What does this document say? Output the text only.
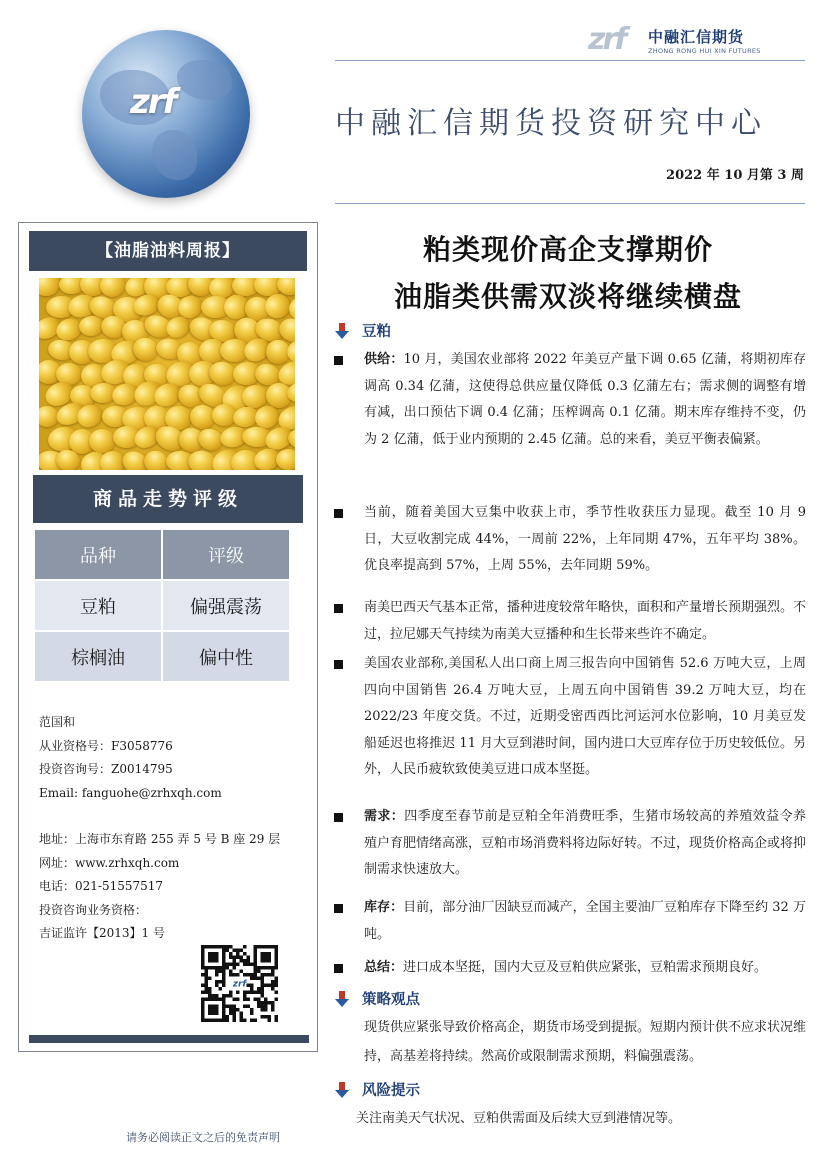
zrf
zrf 中融汇信期货
ZHONG RONG HUI XIN FUTURES
中融汇信期货投资研究中心
2022 年 10 月第 3 周
【油脂油料周报】
商品走势评级
品种	评级
豆粕	偏强震荡
棕榈油	偏中性
范国和
从业资格号：F3058776
投资咨询号：Z0014795
Email: fanguohe@zrhxqh.com
地址：上海市东育路 255 弄 5 号 B 座 29 层
网址：www.zrhxqh.com
电话：021-51557517
投资咨询业务资格：
吉证监许【2013】1 号
zrf
请务必阅读正文之后的免责声明
粕类现价高企支撑期价
油脂类供需双淡将继续横盘
豆粕
供给：10 月，美国农业部将 2022 年美豆产量下调 0.65 亿蒲，将期初库存调高 0.34 亿蒲，这使得总供应量仅降低 0.3 亿蒲左右；需求侧的调整有增有减，出口预估下调 0.4 亿蒲；压榨调高 0.1 亿蒲。期末库存维持不变，仍为 2 亿蒲，低于业内预期的 2.45 亿蒲。总的来看，美豆平衡表偏紧。
当前，随着美国大豆集中收获上市，季节性收获压力显现。截至 10 月 9 日，大豆收割完成 44%，一周前 22%，上年同期 47%，五年平均 38%。优良率提高到 57%，上周 55%，去年同期 59%。
南美巴西天气基本正常，播种进度较常年略快，面积和产量增长预期强烈。不过，拉尼娜天气持续为南美大豆播种和生长带来些许不确定。
美国农业部称,美国私人出口商上周三报告向中国销售 52.6 万吨大豆，上周四向中国销售 26.4 万吨大豆，上周五向中国销售 39.2 万吨大豆，均在 2022/23 年度交货。不过，近期受密西西比河运河水位影响，10 月美豆发船延迟也将推迟 11 月大豆到港时间，国内进口大豆库存位于历史较低位。另外，人民币疲软致使美豆进口成本坚挺。
需求：四季度至春节前是豆粕全年消费旺季，生猪市场较高的养殖效益令养殖户育肥情绪高涨，豆粕市场消费料将边际好转。不过，现货价格高企或将抑制需求快速放大。
库存：目前，部分油厂因缺豆而减产，全国主要油厂豆粕库存下降至约 32 万吨。
总结：进口成本坚挺，国内大豆及豆粕供应紧张，豆粕需求预期良好。
策略观点
现货供应紧张导致价格高企，期货市场受到提振。短期内预计供不应求状况维持，高基差将持续。然高价或限制需求预期，料偏强震荡。
风险提示
关注南美天气状况、豆粕供需面及后续大豆到港情况等。
